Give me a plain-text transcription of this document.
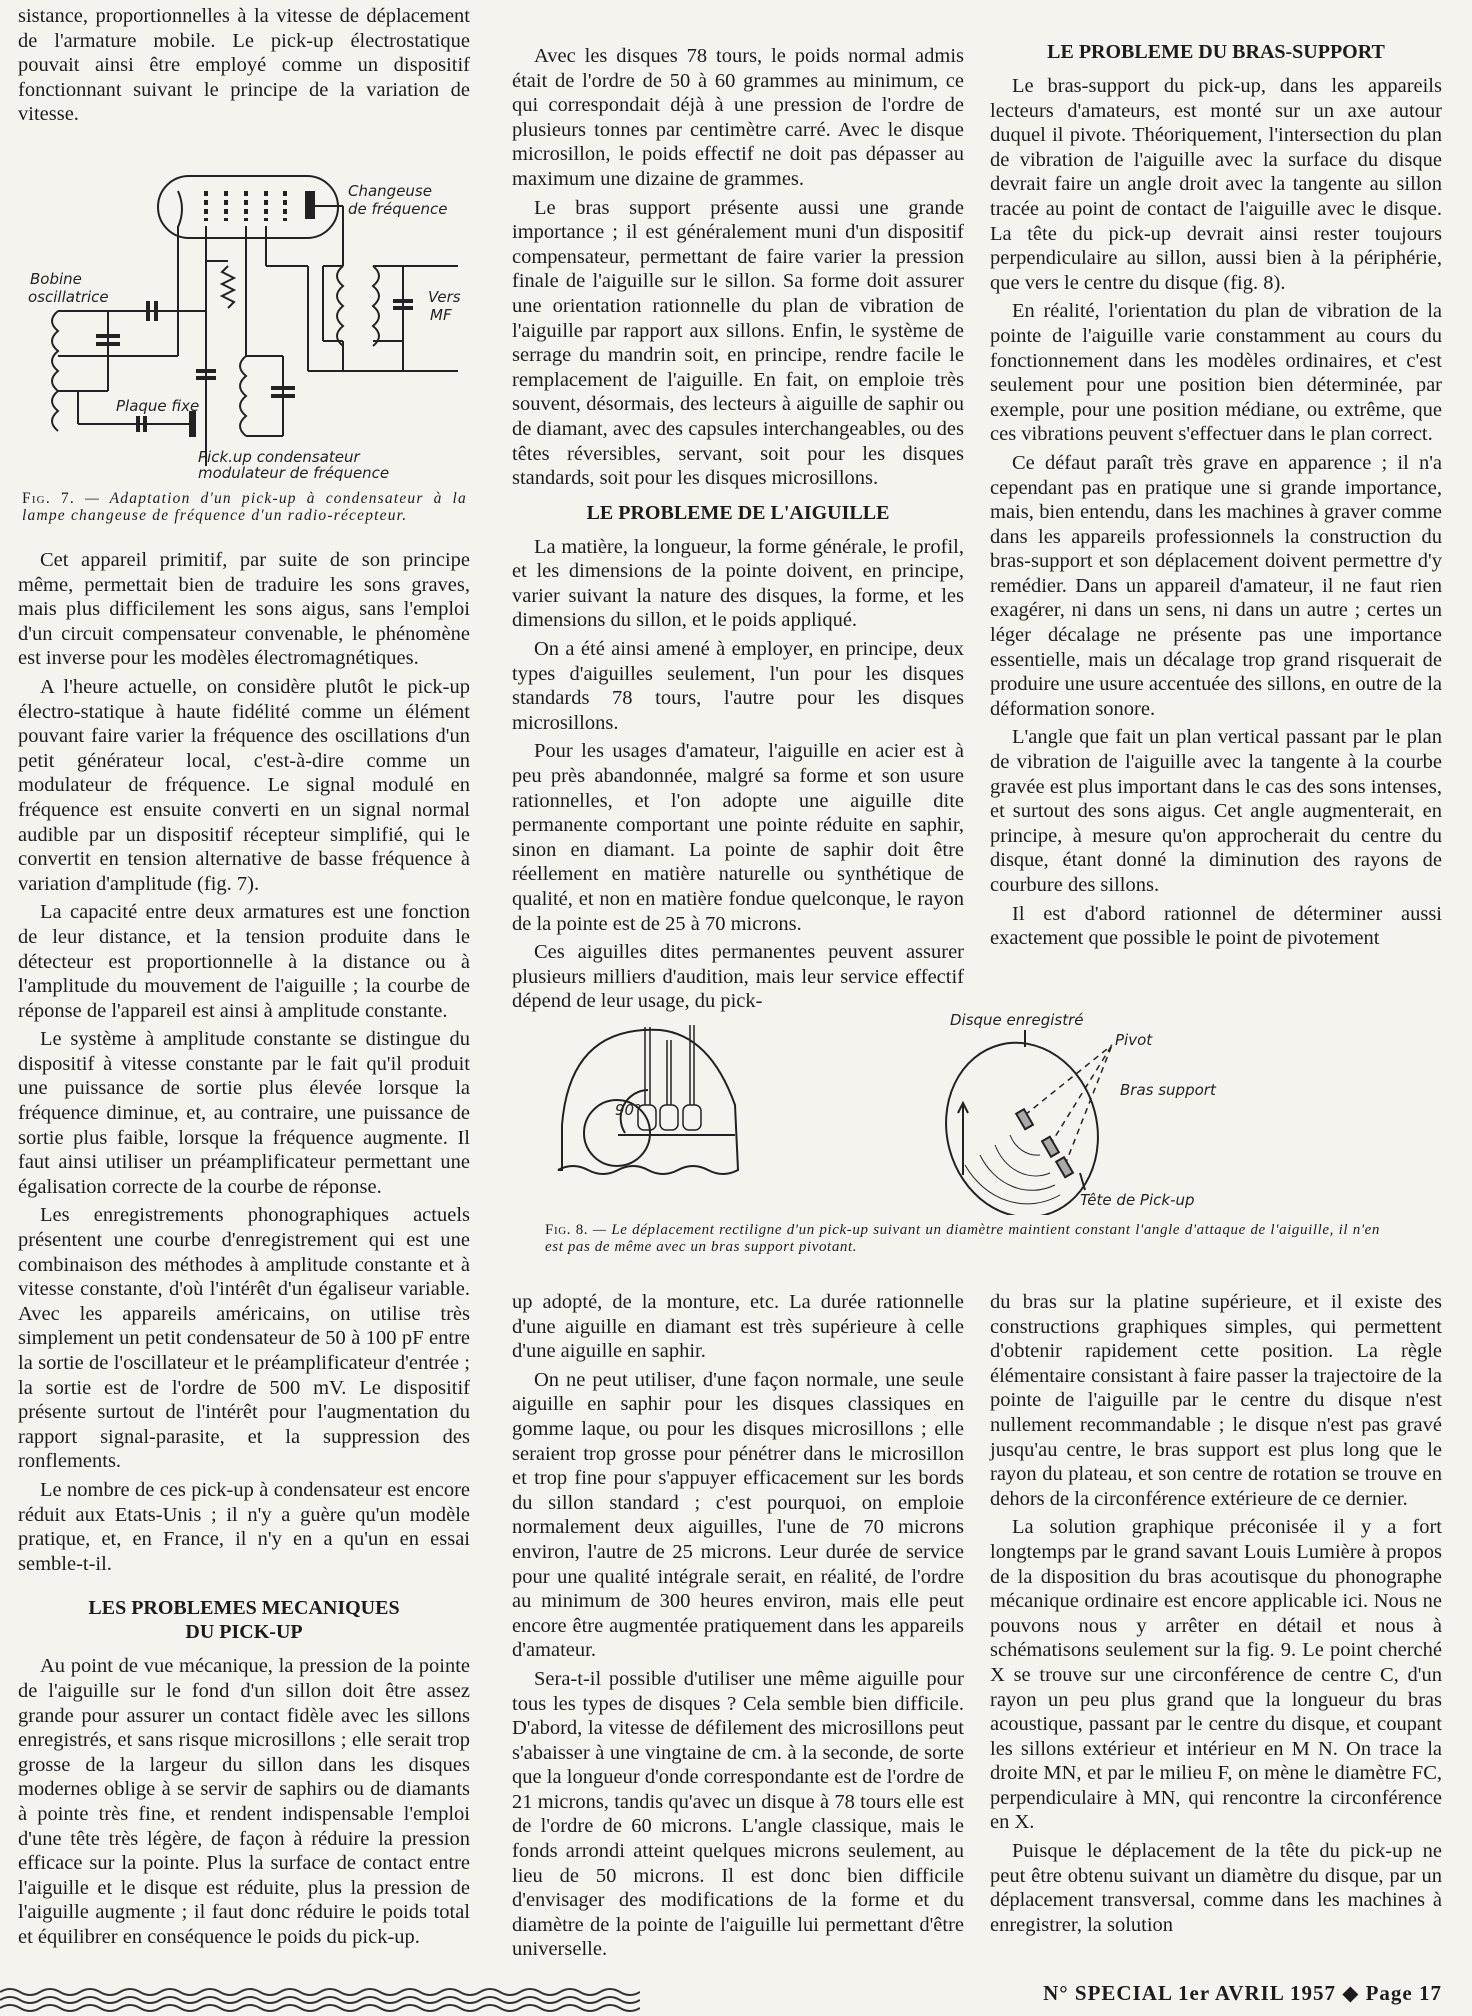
sistance, proportionnelles à la vitesse de déplacement de l'armature mobile. Le pick-up électrostatique pouvait ainsi être employé comme un dispositif fonctionnant suivant le principe de la variation de vitesse.

Changeuse
de fréquence
Bobine
oscillatrice	Vers
MF
Plaque fixe
Pick.up condensateur
modulateur de fréquence
Fig. 7. — Adaptation d'un pick-up à condensateur à la lampe changeuse de fréquence d'un radio-récepteur.

Cet appareil primitif, par suite de son principe même, permettait bien de traduire les sons graves, mais plus difficilement les sons aigus, sans l'emploi d'un circuit compensateur convenable, le phénomène est inverse pour les modèles électromagnétiques.

A l'heure actuelle, on considère plutôt le pick-up électro-statique à haute fidélité comme un élément pouvant faire varier la fréquence des oscillations d'un petit générateur local, c'est-à-dire comme un modulateur de fréquence. Le signal modulé en fréquence est ensuite converti en un signal normal audible par un dispositif récepteur simplifié, qui le convertit en tension alternative de basse fréquence à variation d'amplitude (fig. 7).

La capacité entre deux armatures est une fonction de leur distance, et la tension produite dans le détecteur est proportionnelle à la distance ou à l'amplitude du mouvement de l'aiguille ; la courbe de réponse de l'appareil est ainsi à amplitude constante.

Le système à amplitude constante se distingue du dispositif à vitesse constante par le fait qu'il produit une puissance de sortie plus élevée lorsque la fréquence diminue, et, au contraire, une puissance de sortie plus faible, lorsque la fréquence augmente. Il faut ainsi utiliser un préamplificateur permettant une égalisation correcte de la courbe de réponse.

Les enregistrements phonographiques actuels présentent une courbe d'enregistrement qui est une combinaison des méthodes à amplitude constante et à vitesse constante, d'où l'intérêt d'un égaliseur variable. Avec les appareils américains, on utilise très simplement un petit condensateur de 50 à 100 pF entre la sortie de l'oscillateur et le préamplificateur d'entrée ; la sortie est de l'ordre de 500 mV. Le dispositif présente surtout de l'intérêt pour l'augmentation du rapport signal-parasite, et la suppression des ronflements.

Le nombre de ces pick-up à condensateur est encore réduit aux Etats-Unis ; il n'y a guère qu'un modèle pratique, et, en France, il n'y en a qu'un en essai semble-t-il.

LES PROBLEMES MECANIQUES DU PICK-UP

Au point de vue mécanique, la pression de la pointe de l'aiguille sur le fond d'un sillon doit être assez grande pour assurer un contact fidèle avec les sillons enregistrés, et sans risque microsillons ; elle serait trop grosse de la largeur du sillon dans les disques modernes oblige à se servir de saphirs ou de diamants à pointe très fine, et rendent indispensable l'emploi d'une tête très légère, de façon à réduire la pression efficace sur la pointe. Plus la surface de contact entre l'aiguille et le disque est réduite, plus la pression de l'aiguille augmente ; il faut donc réduire le poids total et équilibrer en conséquence le poids du pick-up.

Avec les disques 78 tours, le poids normal admis était de l'ordre de 50 à 60 grammes au minimum, ce qui correspondait déjà à une pression de l'ordre de plusieurs tonnes par centimètre carré. Avec le disque microsillon, le poids effectif ne doit pas dépasser au maximum une dizaine de grammes.

Le bras support présente aussi une grande importance ; il est généralement muni d'un dispositif compensateur, permettant de faire varier la pression finale de l'aiguille sur le sillon. Sa forme doit assurer une orientation rationnelle du plan de vibration de l'aiguille par rapport aux sillons. Enfin, le système de serrage du mandrin soit, en principe, rendre facile le remplacement de l'aiguille. En fait, on emploie très souvent, désormais, des lecteurs à aiguille de saphir ou de diamant, avec des capsules interchangeables, ou des têtes réversibles, servant, soit pour les disques standards, soit pour les disques microsillons.

LE PROBLEME DE L'AIGUILLE

La matière, la longueur, la forme générale, le profil, et les dimensions de la pointe doivent, en principe, varier suivant la nature des disques, la forme, et les dimensions du sillon, et le poids appliqué.

On a été ainsi amené à employer, en principe, deux types d'aiguilles seulement, l'un pour les disques standards 78 tours, l'autre pour les disques microsillons.

Pour les usages d'amateur, l'aiguille en acier est à peu près abandonnée, malgré sa forme et son usure rationnelles, et l'on adopte une aiguille dite permanente comportant une pointe réduite en saphir, sinon en diamant. La pointe de saphir doit être réellement en matière naturelle ou synthétique de qualité, et non en matière fondue quelconque, le rayon de la pointe est de 25 à 70 microns.

Ces aiguilles dites permanentes peuvent assurer plusieurs milliers d'audition, mais leur service effectif dépend de leur usage, du pick-

LE PROBLEME DU BRAS-SUPPORT

Le bras-support du pick-up, dans les appareils lecteurs d'amateurs, est monté sur un axe autour duquel il pivote. Théoriquement, l'intersection du plan de vibration de l'aiguille avec la surface du disque devrait faire un angle droit avec la tangente au sillon tracée au point de contact de l'aiguille avec le disque. La tête du pick-up devrait ainsi rester toujours perpendiculaire au sillon, aussi bien à la périphérie, que vers le centre du disque (fig. 8).

En réalité, l'orientation du plan de vibration de la pointe de l'aiguille varie constamment au cours du fonctionnement dans les modèles ordinaires, et c'est seulement pour une position bien déterminée, par exemple, pour une position médiane, ou extrême, que ces vibrations peuvent s'effectuer dans le plan correct.

Ce défaut paraît très grave en apparence ; il n'a cependant pas en pratique une si grande importance, mais, bien entendu, dans les machines à graver comme dans les appareils professionnels la construction du bras-support et son déplacement doivent permettre d'y remédier. Dans un appareil d'amateur, il ne faut rien exagérer, ni dans un sens, ni dans un autre ; certes un léger décalage ne présente pas une importance essentielle, mais un décalage trop grand risquerait de produire une usure accentuée des sillons, en outre de la déformation sonore.

L'angle que fait un plan vertical passant par le plan de vibration de l'aiguille avec la tangente à la courbe gravée est plus important dans le cas des sons intenses, et surtout des sons aigus. Cet angle augmenterait, en principe, à mesure qu'on approcherait du centre du disque, étant donné la diminution des rayons de courbure des sillons.

Il est d'abord rationnel de déterminer aussi exactement que possible le point de pivotement

90°
Disque enregistré
Pivot
Bras support
Tête de Pick-up
Fig. 8. — Le déplacement rectiligne d'un pick-up suivant un diamètre maintient constant l'angle d'attaque de l'aiguille, il n'en est pas de même avec un bras support pivotant.

up adopté, de la monture, etc. La durée rationnelle d'une aiguille en diamant est très supérieure à celle d'une aiguille en saphir.

On ne peut utiliser, d'une façon normale, une seule aiguille en saphir pour les disques classiques en gomme laque, ou pour les disques microsillons ; elle seraient trop grosse pour pénétrer dans le microsillon et trop fine pour s'appuyer efficacement sur les bords du sillon standard ; c'est pourquoi, on emploie normalement deux aiguilles, l'une de 70 microns environ, l'autre de 25 microns. Leur durée de service pour une qualité intégrale serait, en réalité, de l'ordre au minimum de 300 heures environ, mais elle peut encore être augmentée pratiquement dans les appareils d'amateur.

Sera-t-il possible d'utiliser une même aiguille pour tous les types de disques ? Cela semble bien difficile. D'abord, la vitesse de défilement des microsillons peut s'abaisser à une vingtaine de cm. à la seconde, de sorte que la longueur d'onde correspondante est de l'ordre de 21 microns, tandis qu'avec un disque à 78 tours elle est de l'ordre de 60 microns. L'angle classique, mais le fonds arrondi atteint quelques microns seulement, au lieu de 50 microns. Il est donc bien difficile d'envisager des modifications de la forme et du diamètre de la pointe de l'aiguille lui permettant d'être universelle.

du bras sur la platine supérieure, et il existe des constructions graphiques simples, qui permettent d'obtenir rapidement cette position. La règle élémentaire consistant à faire passer la trajectoire de la pointe de l'aiguille par le centre du disque n'est nullement recommandable ; le disque n'est pas gravé jusqu'au centre, le bras support est plus long que le rayon du plateau, et son centre de rotation se trouve en dehors de la circonférence extérieure de ce dernier.

La solution graphique préconisée il y a fort longtemps par le grand savant Louis Lumière à propos de la disposition du bras acoutisque du phonographe mécanique ordinaire est encore applicable ici. Nous ne pouvons nous y arrêter en détail et nous à schématisons seulement sur la fig. 9. Le point cherché X se trouve sur une circonférence de centre C, d'un rayon un peu plus grand que la longueur du bras acoustique, passant par le centre du disque, et coupant les sillons extérieur et intérieur en M N. On trace la droite MN, et par le milieu F, on mène le diamètre FC, perpendiculaire à MN, qui rencontre la circonférence en X.

Puisque le déplacement de la tête du pick-up ne peut être obtenu suivant un diamètre du disque, par un déplacement transversal, comme dans les machines à enregistrer, la solution

N° SPECIAL 1er AVRIL 1957 ◆ Page 17
